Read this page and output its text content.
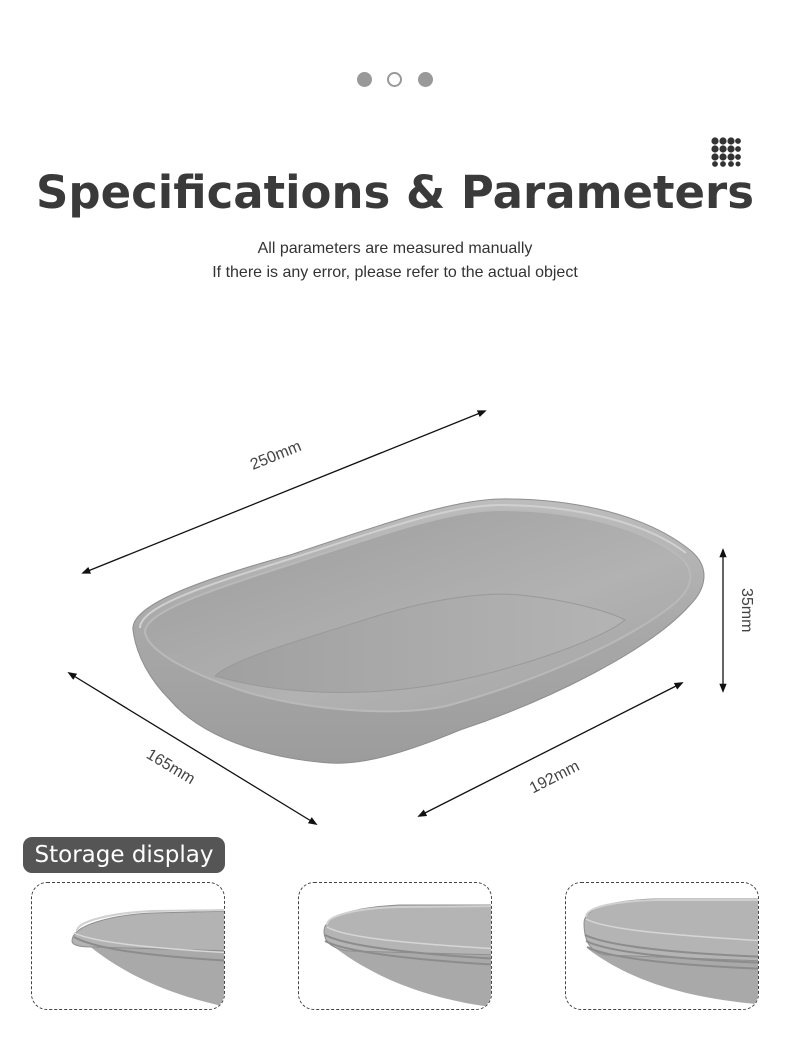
Specifications & Parameters
All parameters are measured manually
If there is any error, please refer to the actual object
250mm
35mm
165mm	192mm
Storage display
